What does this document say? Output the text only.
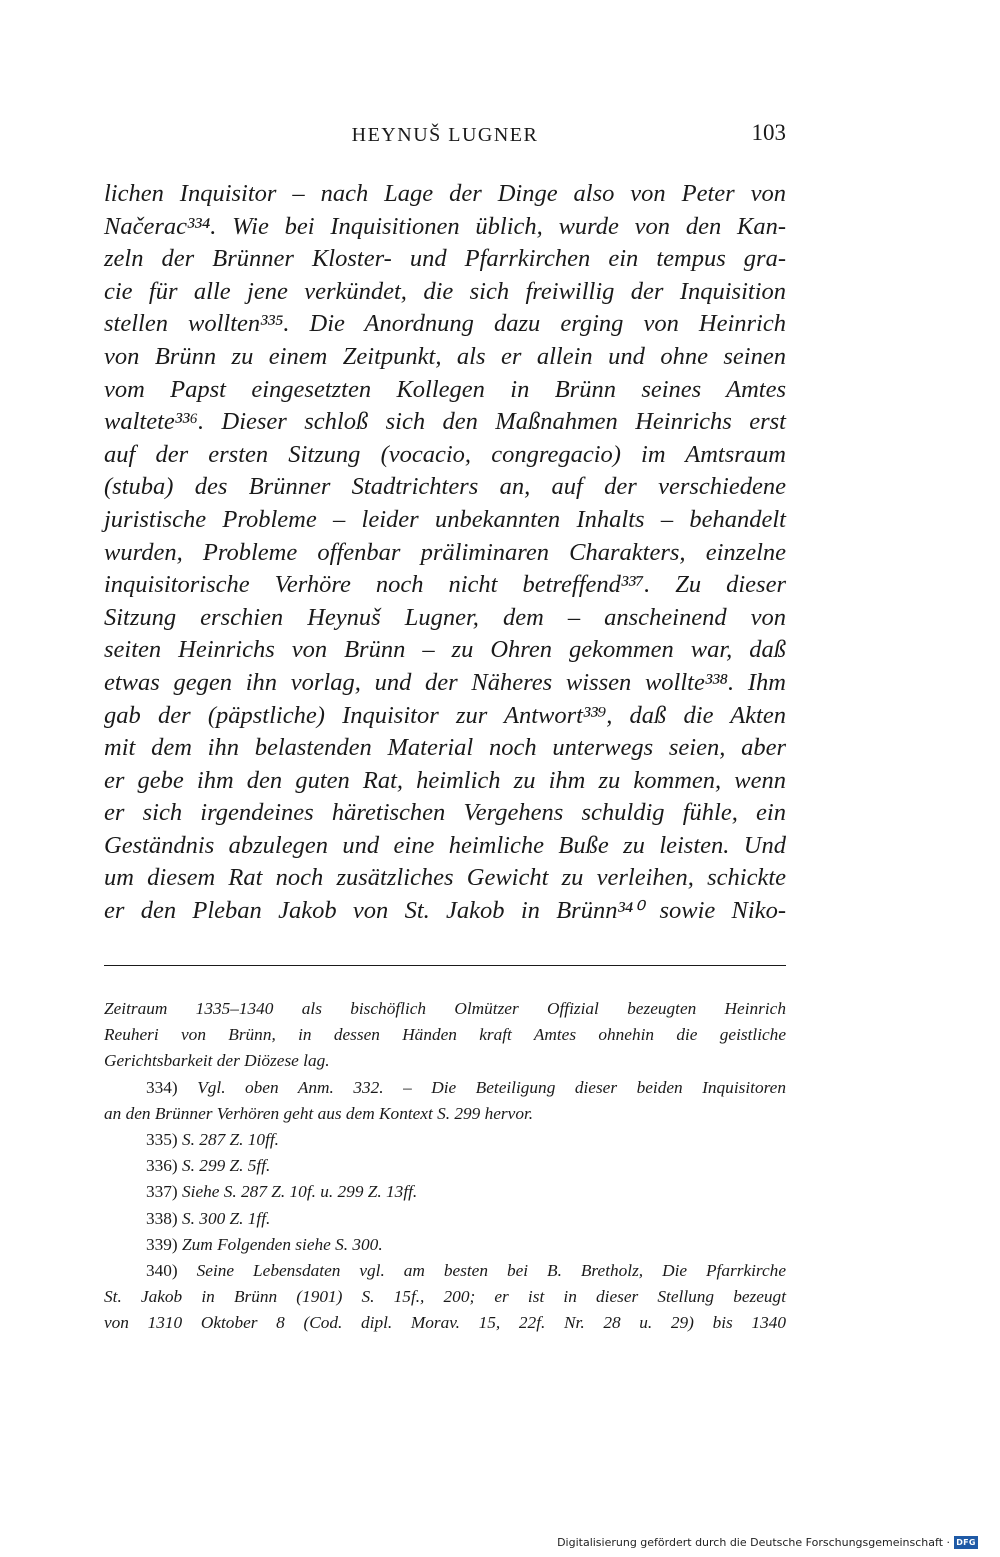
HEYNUŠ LUGNER	103
lichen Inquisitor – nach Lage der Dinge also von Peter von
Načerac³³⁴. Wie bei Inquisitionen üblich, wurde von den Kan-
zeln der Brünner Kloster- und Pfarrkirchen ein tempus gra-
cie für alle jene verkündet, die sich freiwillig der Inquisition
stellen wollten³³⁵. Die Anordnung dazu erging von Heinrich
von Brünn zu einem Zeitpunkt, als er allein und ohne seinen
vom Papst eingesetzten Kollegen in Brünn seines Amtes
waltete³³⁶. Dieser schloß sich den Maßnahmen Heinrichs erst
auf der ersten Sitzung (vocacio, congregacio) im Amtsraum
(stuba) des Brünner Stadtrichters an, auf der verschiedene
juristische Probleme – leider unbekannten Inhalts – behandelt
wurden, Probleme offenbar präliminaren Charakters, einzelne
inquisitorische Verhöre noch nicht betreffend³³⁷. Zu dieser
Sitzung erschien Heynuš Lugner, dem – anscheinend von
seiten Heinrichs von Brünn – zu Ohren gekommen war, daß
etwas gegen ihn vorlag, und der Näheres wissen wollte³³⁸. Ihm
gab der (päpstliche) Inquisitor zur Antwort³³⁹, daß die Akten
mit dem ihn belastenden Material noch unterwegs seien, aber
er gebe ihm den guten Rat, heimlich zu ihm zu kommen, wenn
er sich irgendeines häretischen Vergehens schuldig fühle, ein
Geständnis abzulegen und eine heimliche Buße zu leisten. Und
um diesem Rat noch zusätzliches Gewicht zu verleihen, schickte
er den Pleban Jakob von St. Jakob in Brünn³⁴⁰ sowie Niko-
Zeitraum 1335–1340 als bischöflich Olmützer Offizial bezeugten Heinrich
Reuheri von Brünn, in dessen Händen kraft Amtes ohnehin die geistliche
Gerichtsbarkeit der Diözese lag.
334) Vgl. oben Anm. 332. – Die Beteiligung dieser beiden Inquisitoren
an den Brünner Verhören geht aus dem Kontext S. 299 hervor.
335) S. 287 Z. 10ff.
336) S. 299 Z. 5ff.
337) Siehe S. 287 Z. 10f. u. 299 Z. 13ff.
338) S. 300 Z. 1ff.
339) Zum Folgenden siehe S. 300.
340) Seine Lebensdaten vgl. am besten bei B. Bretholz, Die Pfarrkirche
St. Jakob in Brünn (1901) S. 15f., 200; er ist in dieser Stellung bezeugt
von 1310 Oktober 8 (Cod. dipl. Morav. 15, 22f. Nr. 28 u. 29) bis 1340
Digitalisierung gefördert durch die Deutsche Forschungsgemeinschaft · DFG
